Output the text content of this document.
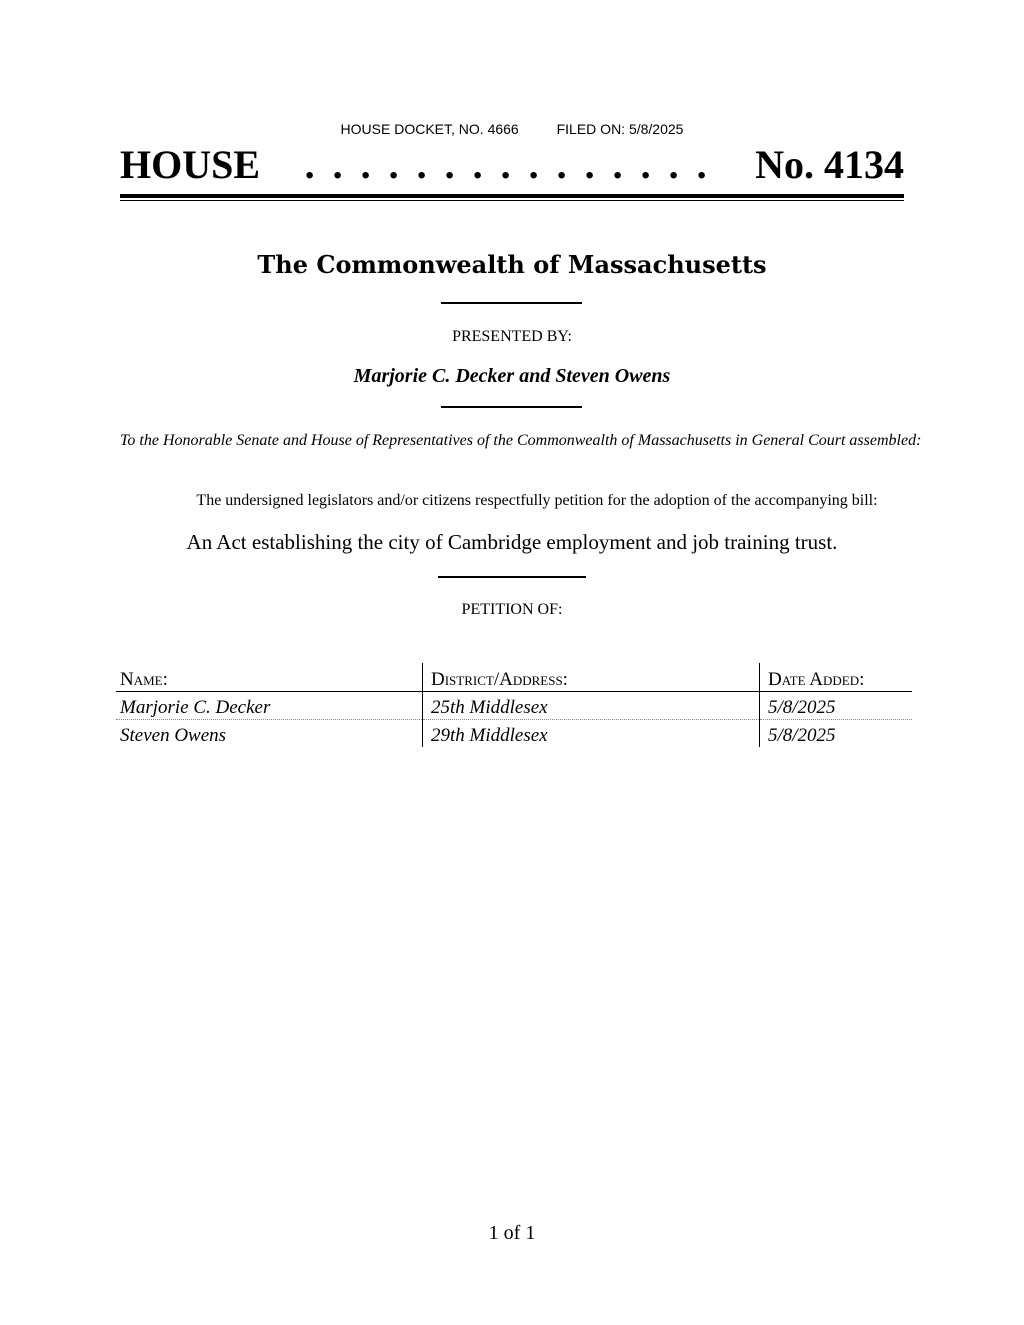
HOUSE DOCKET, NO. 4666	FILED ON: 5/8/2025
HOUSE . . . . . . . . . . . . . . . No. 4134
The Commonwealth of Massachusetts
PRESENTED BY:
Marjorie C. Decker and Steven Owens
To the Honorable Senate and House of Representatives of the Commonwealth of Massachusetts in General Court assembled:
The undersigned legislators and/or citizens respectfully petition for the adoption of the accompanying bill:
An Act establishing the city of Cambridge employment and job training trust.
PETITION OF:
Name:	District/Address:	Date Added:
Marjorie C. Decker	25th Middlesex	5/8/2025
Steven Owens	29th Middlesex	5/8/2025
1 of 1
